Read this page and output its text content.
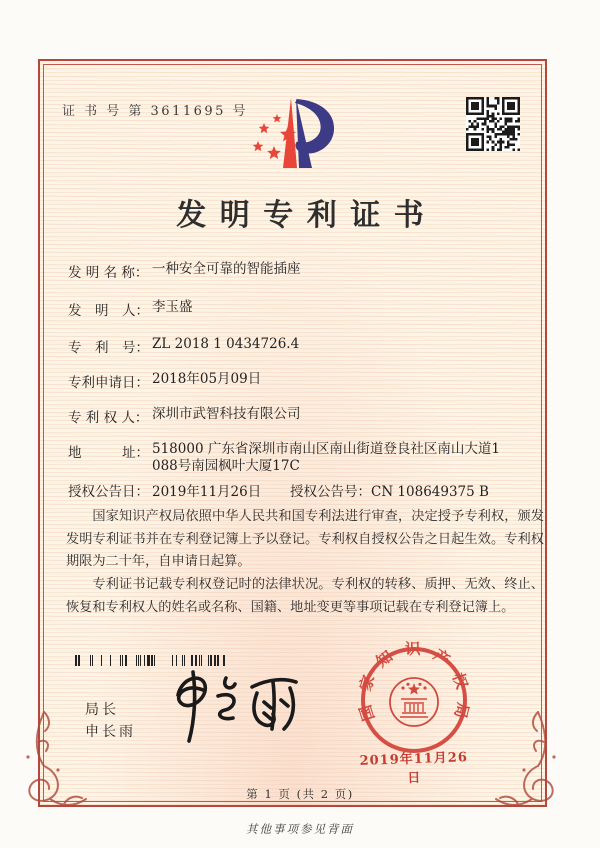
证 书 号 第 3611695 号
发明专利证书
发 明 名 称： 一种安全可靠的智能插座
发　明　人： 李玉盛
专　利　号： ZL 2018 1 0434726.4
专利申请日： 2018年05月09日
专 利 权 人： 深圳市武智科技有限公司
地　　　址： 518000 广东省深圳市南山区南山街道登良社区南山大道1
088号南园枫叶大厦17C
授权公告日： 2019年11月26日 授权公告号：CN 108649375 B

国家知识产权局依照中华人民共和国专利法进行审查，决定授予专利权，颁发发明专利证书并在专利登记簿上予以登记。专利权自授权公告之日起生效。专利权期限为二十年，自申请日起算。

专利证书记载专利权登记时的法律状况。专利权的转移、质押、无效、终止、恢复和专利权人的姓名或名称、国籍、地址变更等事项记载在专利登记簿上。

局长
申长雨
国家知识产权局
2019年11月26日
第 1 页 (共 2 页)
其他事项参见背面
